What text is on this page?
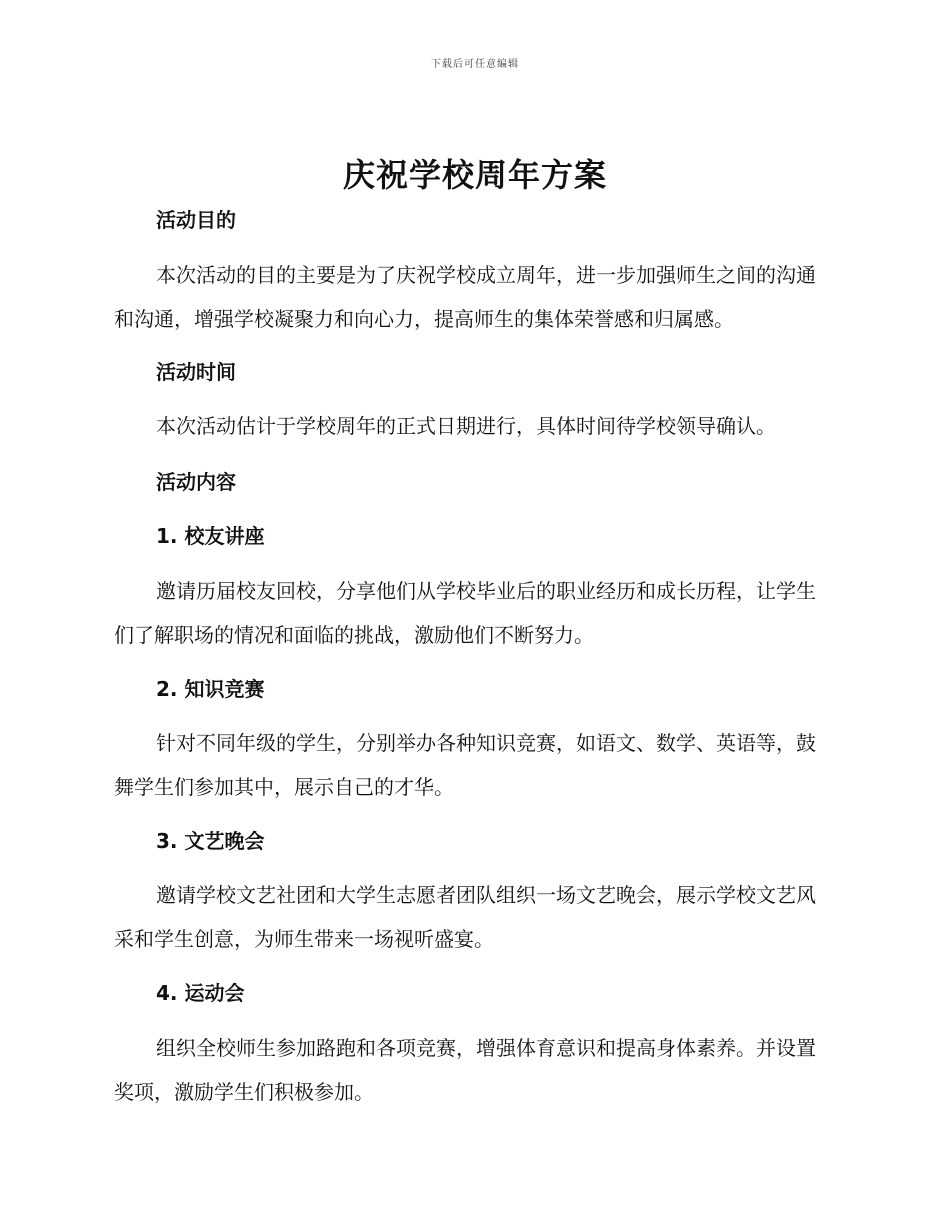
下载后可任意编辑
庆祝学校周年方案
活动目的

本次活动的目的主要是为了庆祝学校成立周年，进一步加强师生之间的沟通和沟通，增强学校凝聚力和向心力，提高师生的集体荣誉感和归属感。

活动时间

本次活动估计于学校周年的正式日期进行，具体时间待学校领导确认。

活动内容
1. 校友讲座

邀请历届校友回校，分享他们从学校毕业后的职业经历和成长历程，让学生们了解职场的情况和面临的挑战，激励他们不断努力。

2. 知识竞赛

针对不同年级的学生，分别举办各种知识竞赛，如语文、数学、英语等，鼓舞学生们参加其中，展示自己的才华。

3. 文艺晚会

邀请学校文艺社团和大学生志愿者团队组织一场文艺晚会，展示学校文艺风采和学生创意，为师生带来一场视听盛宴。

4. 运动会

组织全校师生参加路跑和各项竞赛，增强体育意识和提高身体素养。并设置奖项，激励学生们积极参加。
